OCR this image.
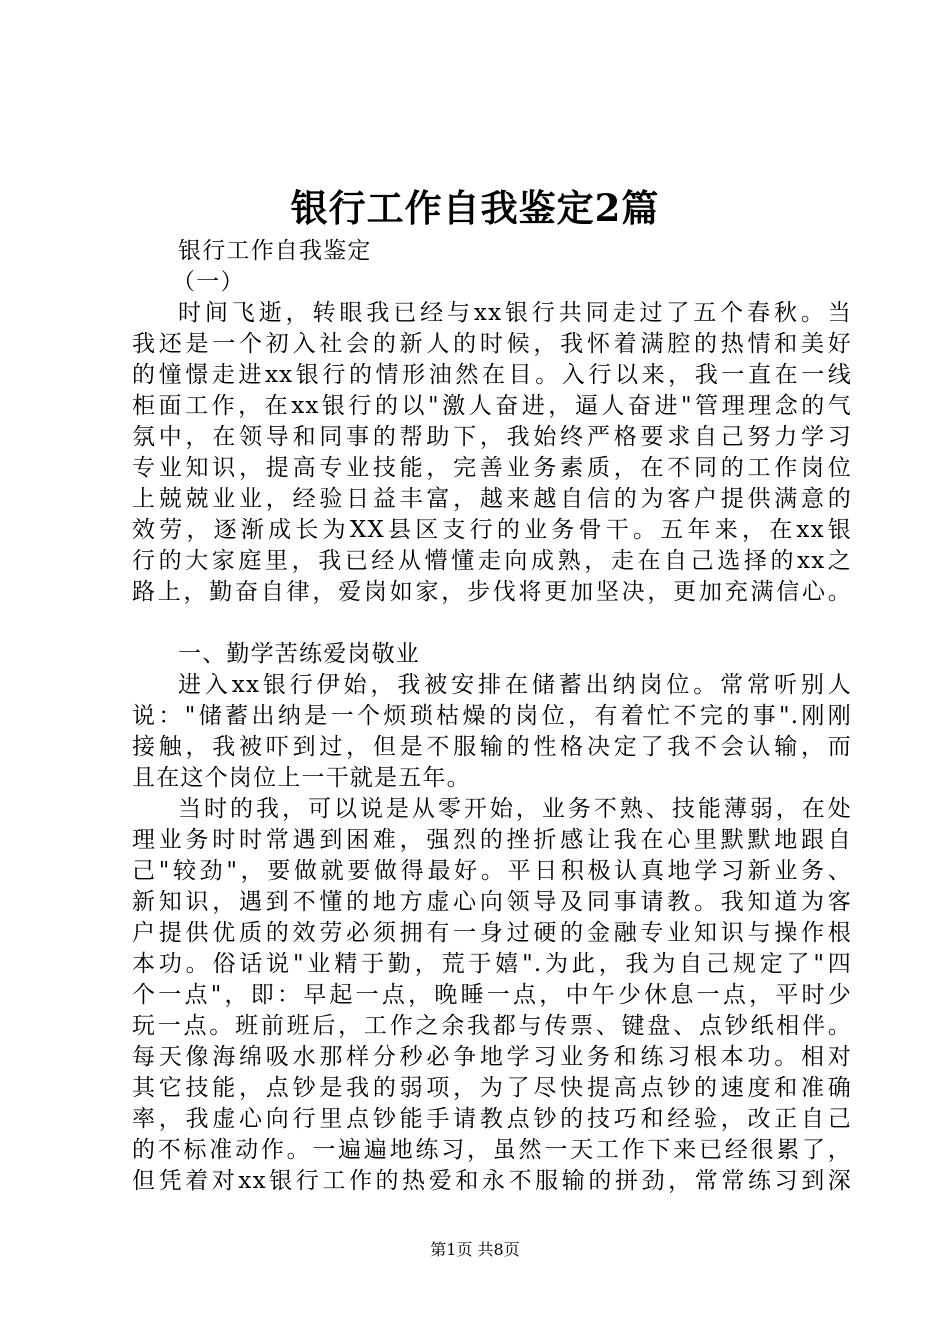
银行工作自我鉴定2篇
银行工作自我鉴定
（一）
时间飞逝，转眼我已经与xx银行共同走过了五个春秋。当
我还是一个初入社会的新人的时候，我怀着满腔的热情和美好
的憧憬走进xx银行的情形油然在目。入行以来，我一直在一线
柜面工作，在xx银行的以"激人奋进，逼人奋进"管理理念的气
氛中，在领导和同事的帮助下，我始终严格要求自己努力学习
专业知识，提高专业技能，完善业务素质，在不同的工作岗位
上兢兢业业，经验日益丰富，越来越自信的为客户提供满意的
效劳，逐渐成长为XX县区支行的业务骨干。五年来，在xx银
行的大家庭里，我已经从懵懂走向成熟，走在自己选择的xx之
路上，勤奋自律，爱岗如家，步伐将更加坚决，更加充满信心。
一、勤学苦练爱岗敬业
进入xx银行伊始，我被安排在储蓄出纳岗位。常常听别人
说："储蓄出纳是一个烦琐枯燥的岗位，有着忙不完的事".刚刚
接触，我被吓到过，但是不服输的性格决定了我不会认输，而
且在这个岗位上一干就是五年。
当时的我，可以说是从零开始，业务不熟、技能薄弱，在处
理业务时时常遇到困难，强烈的挫折感让我在心里默默地跟自
己"较劲"，要做就要做得最好。平日积极认真地学习新业务、
新知识，遇到不懂的地方虚心向领导及同事请教。我知道为客
户提供优质的效劳必须拥有一身过硬的金融专业知识与操作根
本功。俗话说"业精于勤，荒于嬉".为此，我为自己规定了"四
个一点"，即：早起一点，晚睡一点，中午少休息一点，平时少
玩一点。班前班后，工作之余我都与传票、键盘、点钞纸相伴。
每天像海绵吸水那样分秒必争地学习业务和练习根本功。相对
其它技能，点钞是我的弱项，为了尽快提高点钞的速度和准确
率，我虚心向行里点钞能手请教点钞的技巧和经验，改正自己
的不标准动作。一遍遍地练习，虽然一天工作下来已经很累了，
但凭着对xx银行工作的热爱和永不服输的拼劲，常常练习到深
第1页 共8页
